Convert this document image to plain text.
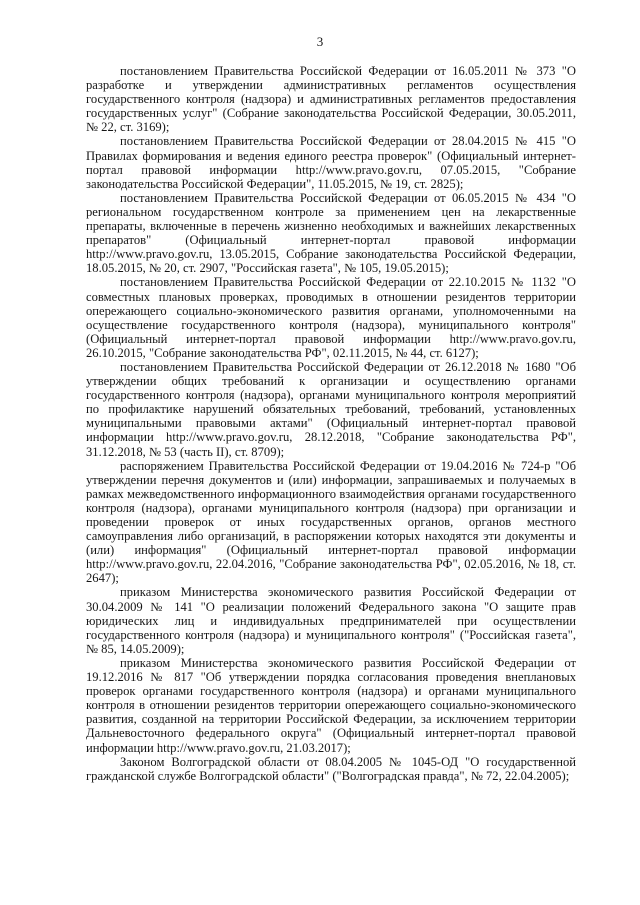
3

постановлением Правительства Российской Федерации от 16.05.2011 № 373 "О разработке и утверждении административных регламентов осуществления государственного контроля (надзора) и административных регламентов предоставления государственных услуг" (Собрание законодательства Российской Федерации, 30.05.2011, № 22, ст. 3169);

постановлением Правительства Российской Федерации от 28.04.2015 № 415 "О Правилах формирования и ведения единого реестра проверок" (Официальный интернет-портал правовой информации http://www.pravo.gov.ru, 07.05.2015, "Собрание законодательства Российской Федерации", 11.05.2015, № 19, ст. 2825);

постановлением Правительства Российской Федерации от 06.05.2015 № 434 "О региональном государственном контроле за применением цен на лекарственные препараты, включенные в перечень жизненно необходимых и важнейших лекарственных препаратов" (Официальный интернет-портал правовой информации http://www.pravo.gov.ru, 13.05.2015, Собрание законодательства Российской Федерации, 18.05.2015, № 20, ст. 2907, "Российская газета", № 105, 19.05.2015);

постановлением Правительства Российской Федерации от 22.10.2015 № 1132 "О совместных плановых проверках, проводимых в отношении резидентов территории опережающего социально-экономического развития органами, уполномоченными на осуществление государственного контроля (надзора), муниципального контроля" (Официальный интернет-портал правовой информации http://www.pravo.gov.ru, 26.10.2015, "Собрание законодательства РФ", 02.11.2015, № 44, ст. 6127);

постановлением Правительства Российской Федерации от 26.12.2018 № 1680 "Об утверждении общих требований к организации и осуществлению органами государственного контроля (надзора), органами муниципального контроля мероприятий по профилактике нарушений обязательных требований, требований, установленных муниципальными правовыми актами" (Официальный интернет-портал правовой информации http://www.pravo.gov.ru, 28.12.2018, "Собрание законодательства РФ", 31.12.2018, № 53 (часть II), ст. 8709);

распоряжением Правительства Российской Федерации от 19.04.2016 № 724-р "Об утверждении перечня документов и (или) информации, запрашиваемых и получаемых в рамках межведомственного информационного взаимодействия органами государственного контроля (надзора), органами муниципального контроля (надзора) при организации и проведении проверок от иных государственных органов, органов местного самоуправления либо организаций, в распоряжении которых находятся эти документы и (или) информация" (Официальный интернет-портал правовой информации http://www.pravo.gov.ru, 22.04.2016, "Собрание законодательства РФ", 02.05.2016, № 18, ст. 2647);

приказом Министерства экономического развития Российской Федерации от 30.04.2009 № 141 "О реализации положений Федерального закона "О защите прав юридических лиц и индивидуальных предпринимателей при осуществлении государственного контроля (надзора) и муниципального контроля" ("Российская газета", № 85, 14.05.2009);

приказом Министерства экономического развития Российской Федерации от 19.12.2016 № 817 "Об утверждении порядка согласования проведения внеплановых проверок органами государственного контроля (надзора) и органами муниципального контроля в отношении резидентов территории опережающего социально-экономического развития, созданной на территории Российской Федерации, за исключением территории Дальневосточного федерального округа" (Официальный интернет-портал правовой информации http://www.pravo.gov.ru, 21.03.2017);

Законом Волгоградской области от 08.04.2005 № 1045-ОД "О государственной гражданской службе Волгоградской области" ("Волгоградская правда", № 72, 22.04.2005);
